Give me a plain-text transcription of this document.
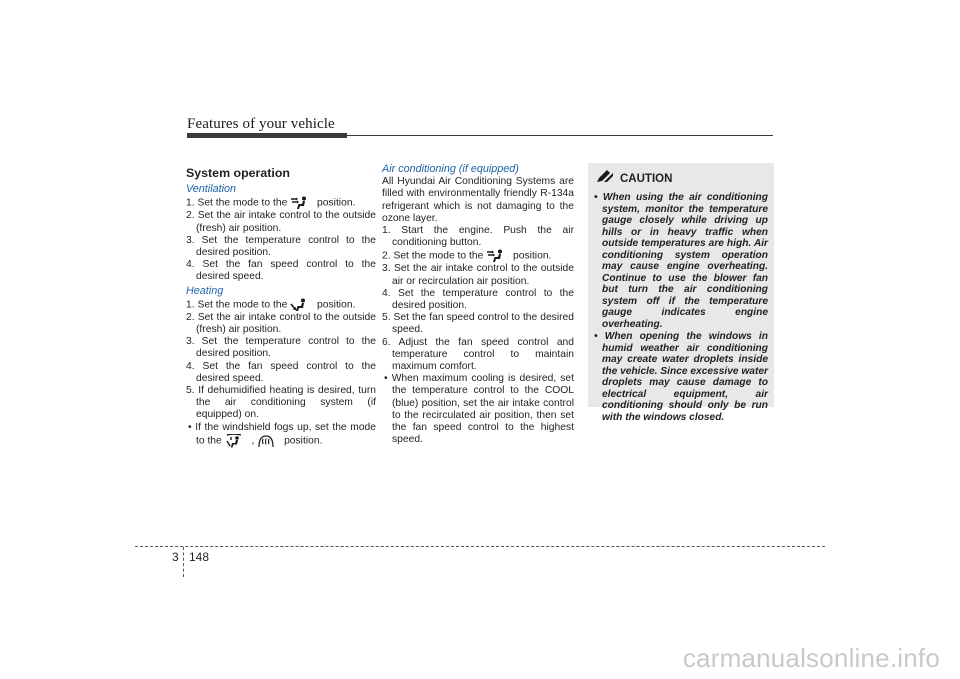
Features of your vehicle
System operation
Ventilation
1. Set the mode to the  position.
2. Set the air intake control to the outside (fresh) air position.
3. Set the temperature control to the desired position.
4. Set the fan speed control to the desired speed.
Heating
1. Set the mode to the  position.
2. Set the air intake control to the outside (fresh) air position.
3. Set the temperature control to the desired position.
4. Set the fan speed control to the desired speed.
5. If dehumidified heating is desired, turn the air conditioning system (if equipped) on.
• If the windshield fogs up, set the mode to the  ,  position.
Air conditioning (if equipped)
All Hyundai Air Conditioning Systems are filled with environmentally friendly R-134a refrigerant which is not damaging to the ozone layer.
1. Start the engine. Push the air conditioning button.
2. Set the mode to the  position.
3. Set the air intake control to the outside air or recirculation air position.
4. Set the temperature control to the desired position.
5. Set the fan speed control to the desired speed.
6. Adjust the fan speed control and temperature control to maintain maximum comfort.
• When maximum cooling is desired, set the temperature control to the COOL (blue) position, set the air intake control to the recirculated air position, then set the fan speed control to the highest speed.
CAUTION
• When using the air conditioning system, monitor the temperature gauge closely while driving up hills or in heavy traffic when outside temperatures are high. Air conditioning system operation may cause engine overheating. Continue to use the blower fan but turn the air conditioning system off if the temperature gauge indicates engine overheating.
• When opening the windows in humid weather air conditioning may create water droplets inside the vehicle. Since excessive water droplets may cause damage to electrical equipment, air conditioning should only be run with the windows closed.
3 148
carmanualsonline.info
